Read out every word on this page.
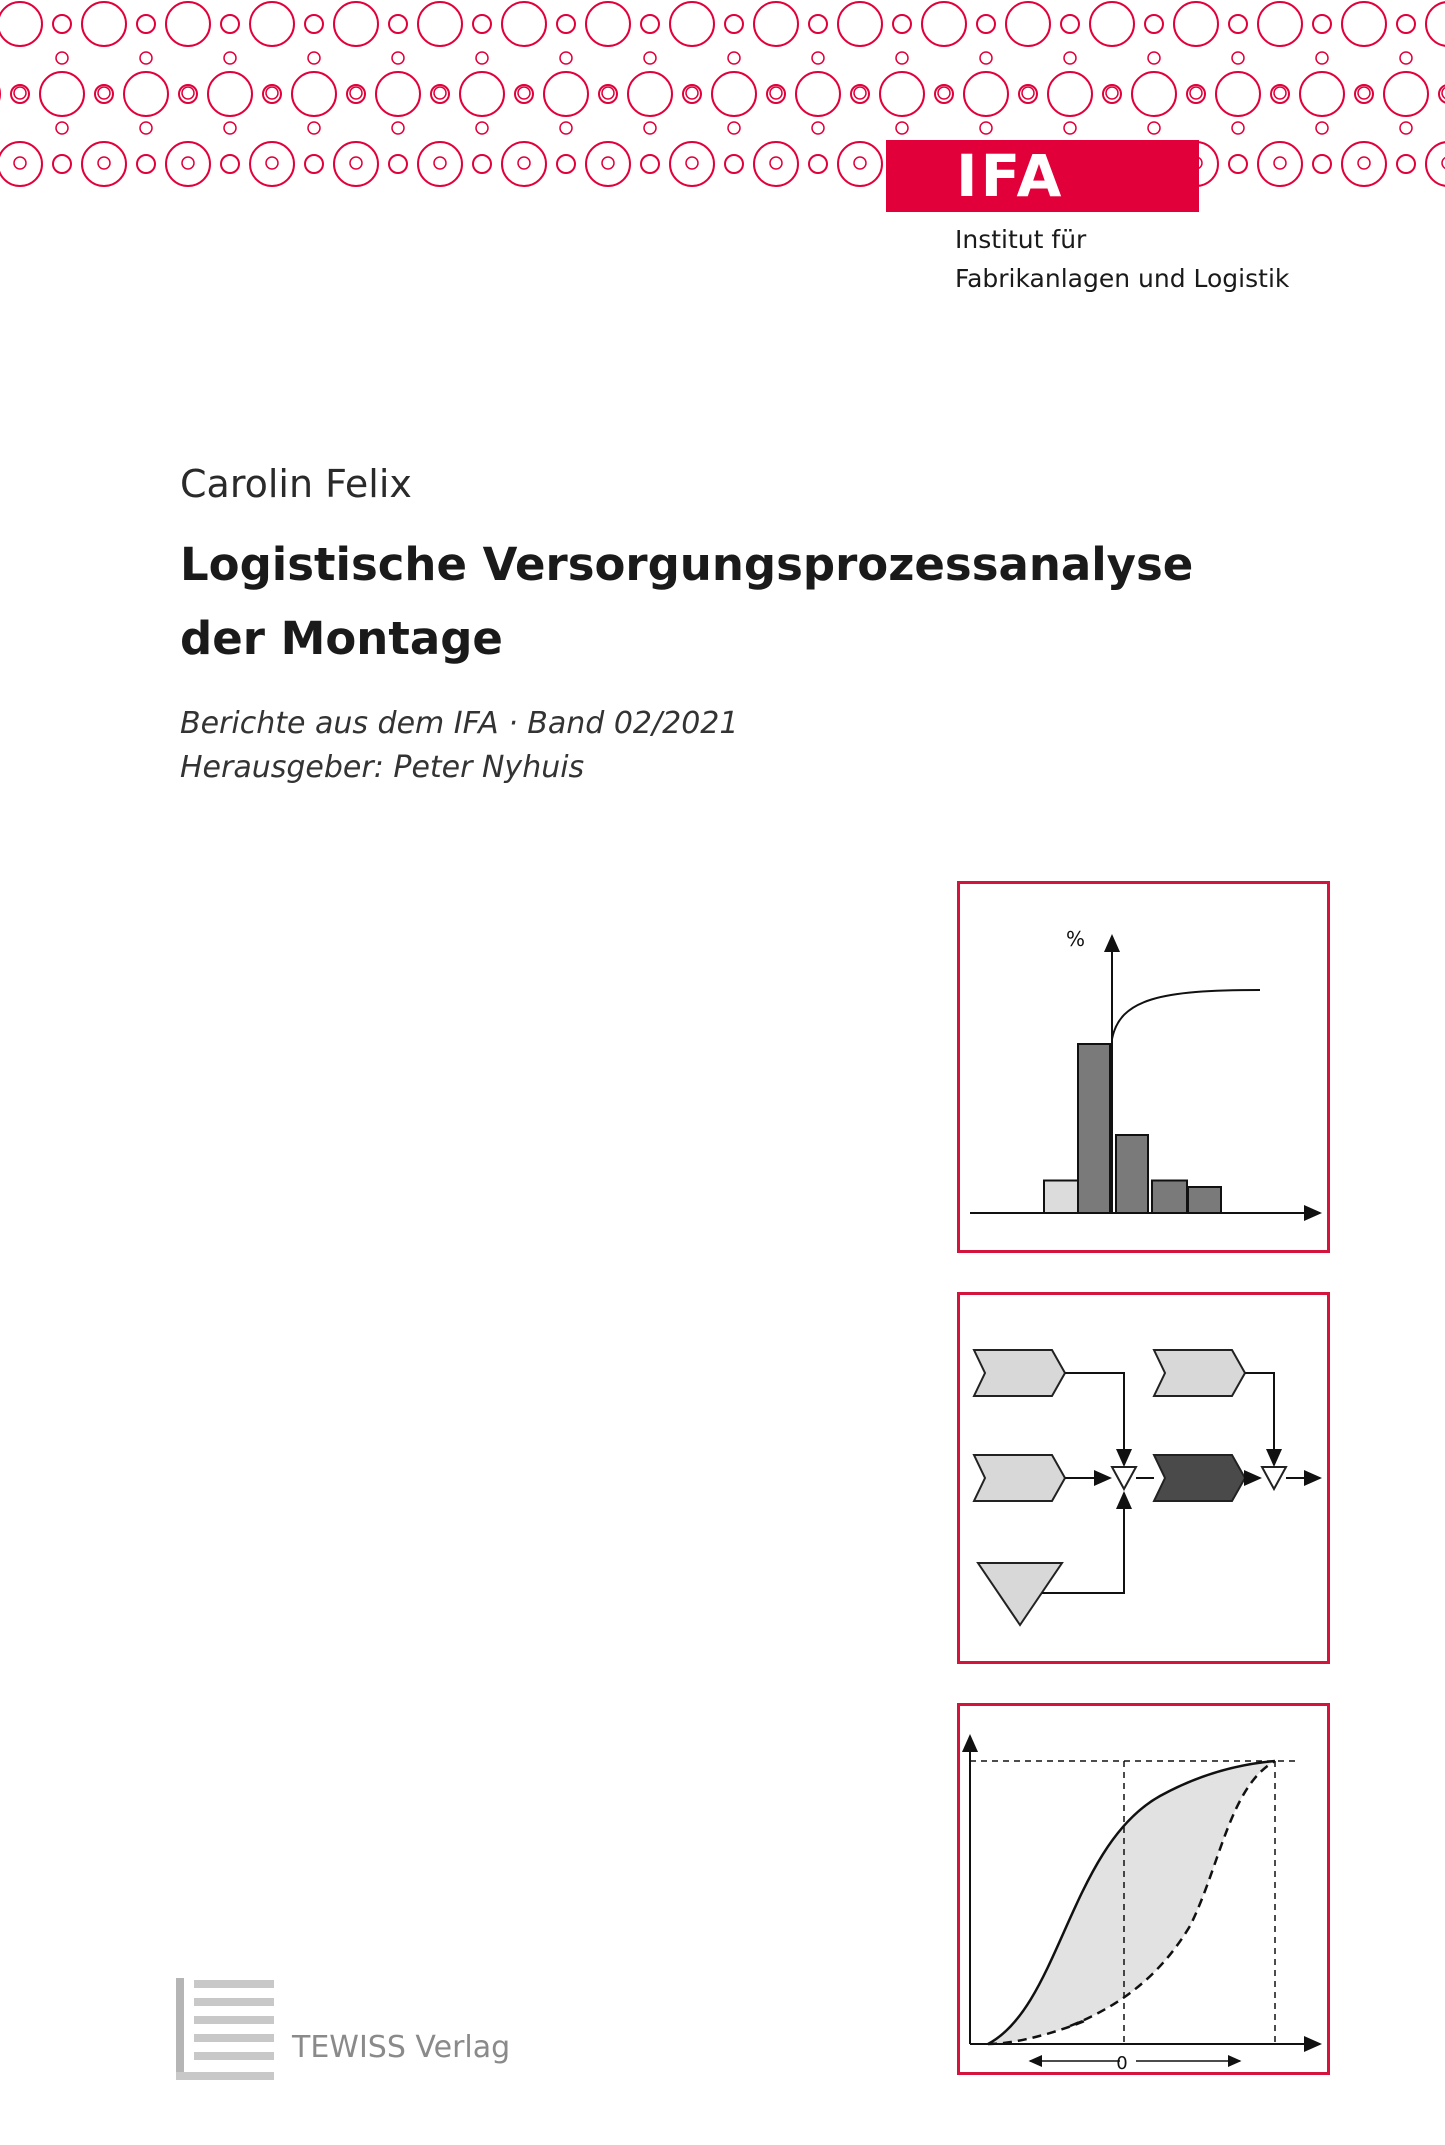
IFA
Institut für
Fabrikanlagen und Logistik
Carolin Felix
Logistische Versorgungsprozessanalyse
der Montage
Berichte aus dem IFA · Band 02/2021
Herausgeber: Peter Nyhuis
%
0
TEWISS Verlag
